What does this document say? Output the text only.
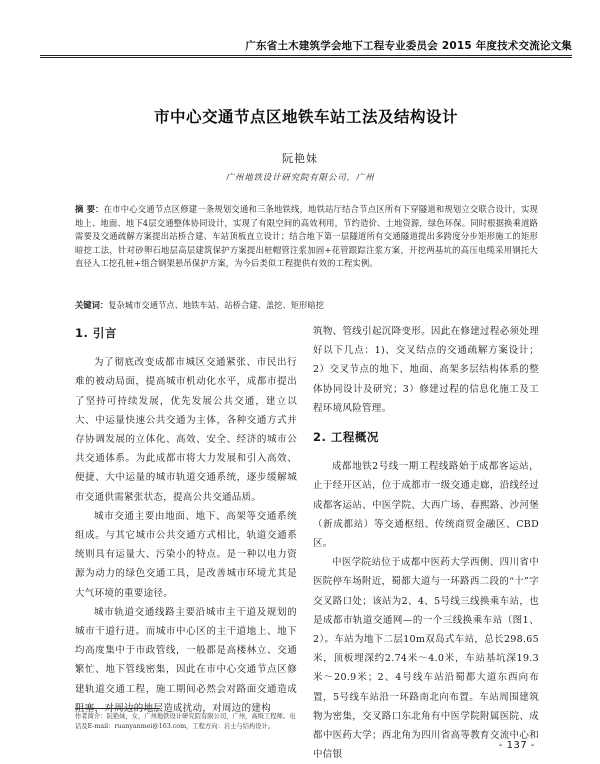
广东省土木建筑学会地下工程专业委员会 2015 年度技术交流论文集
市中心交通节点区地铁车站工法及结构设计
阮艳妹
广州地铁设计研究院有限公司，广州
摘 要：在市中心交通节点区修建一条规划交通和三条地铁线，地铁站厅结合节点区所有下穿隧道和规划立交联合设计，实现地上、地面、地下4层交通整体协同设计，实现了有限空间的高效利用，节约造价、土地资源，绿色环保。同时根据换乘道路需要及交通疏解方案提出站桥合建、车站顶板直立设计；结合地下第一层隧道所有交通隧道提出多跨度分步矩形施工的矩形暗挖工法，针对砂卵石地层高层建筑保护方案提出桩帽管注浆加固+花管跟踪注浆方案，开挖两基坑的高压电缆采用钢托大直径人工挖孔桩+组合钢架悬吊保护方案，为今后类似工程提供有效的工程实例。
关键词：复杂城市交通节点、地铁车站、站桥合建、盖挖、矩形暗挖
1. 引言

为了彻底改变成都市城区交通紧张、市民出行难的被动局面，提高城市机动化水平，成都市提出了坚持可持续发展，优先发展公共交通，建立以大、中运量快速公共交通为主体，各种交通方式并存协调发展的立体化、高效、安全、经济的城市公共交通体系。为此成都市将大力发展和引入高效、便捷、大中运量的城市轨道交通系统，逐步缓解城市交通供需紧张状态，提高公共交通品质。

城市交通主要由地面、地下、高架等交通系统组成。与其它城市公共交通方式相比，轨道交通系统则具有运量大、污染小的特点。是一种以电力资源为动力的绿色交通工具，是改善城市环境尤其是大气环境的重要途径。

城市轨道交通线路主要沿城市主干道及规划的城市干道行进。而城市中心区的主干道地上、地下均高度集中于市政管线，一般都是高楼林立、交通繁忙、地下管线密集，因此在市中心交通节点区修建轨道交通工程，施工期间必然会对路面交通造成阻塞，对周边的地层造成扰动，对周边的建构

筑物、管线引起沉降变形。因此在修建过程必须处理好以下几点：1)、交叉结点的交通疏解方案设计；2）交叉节点的地下、地面、高架多层结构体系的整体协同设计及研究；3）修建过程的信息化施工及工程环境风险管理。

2. 工程概况

成都地铁2号线一期工程线路始于成都客运站，止于经开区站，位于成都市一级交通走廊，沿线经过成都客运站、中医学院、大西广场、春熙路、沙河堡（新成都站）等交通枢纽、传统商贸金融区、CBD区。

中医学院站位于成都中医药大学西侧、四川省中医院停车场附近，蜀都大道与一环路西二段的“十”字交叉路口处；该站为2、4、5号线三线换乘车站，也是成都市轨道交通网—的一个三线换乘车站（图1、2）。车站为地下二层10m双岛式车站，总长298.65米，顶板埋深约2.74米～4.0米，车站基坑深19.3米～20.9米；2、4号线车站沿蜀都大道东西向布置，5号线车站沿一环路南北向布置。车站周围建筑物为密集，交叉路口东北角有中医学院附属医院、成都中医药大学；西北角为四川省高等教育交流中心和中信银

作者简介：阮艳妹，女，广州地铁设计研究院有限公司，广州，高级工程师。电话及E-mail：ruanyanmei@163.com，工程方向：岩土与结构设计。
- 137 -
